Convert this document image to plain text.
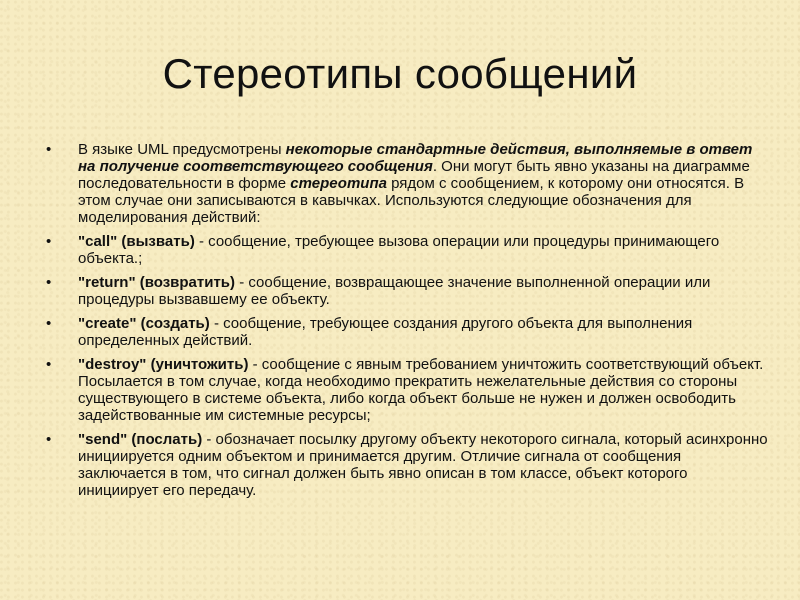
Стереотипы сообщений
•	В языке UML предусмотрены некоторые стандартные действия, выполняемые в ответ на получение соответствующего сообщения. Они могут быть явно указаны на диаграмме последовательности в форме стереотипа рядом с сообщением, к которому они относятся. В этом случае они записываются в кавычках. Используются следующие обозначения для моделирования действий:
•	"call" (вызвать) - сообщение, требующее вызова операции или процедуры принимающего объекта.;
•	"return" (возвратить) - сообщение, возвращающее значение выполненной операции или процедуры вызвавшему ее объекту.
•	"create" (создать) - сообщение, требующее создания другого объекта для выполнения определенных действий.
•	"destroy" (уничтожить) - сообщение с явным требованием уничтожить соответствующий объект. Посылается в том случае, когда необходимо прекратить нежелательные действия со стороны существующего в системе объекта, либо когда объект больше не нужен и должен освободить задействованные им системные ресурсы;
•	"send" (послать) - обозначает посылку другому объекту некоторого сигнала, который асинхронно инициируется одним объектом и принимается другим. Отличие сигнала от сообщения заключается в том, что сигнал должен быть явно описан в том классе, объект которого инициирует его передачу.
